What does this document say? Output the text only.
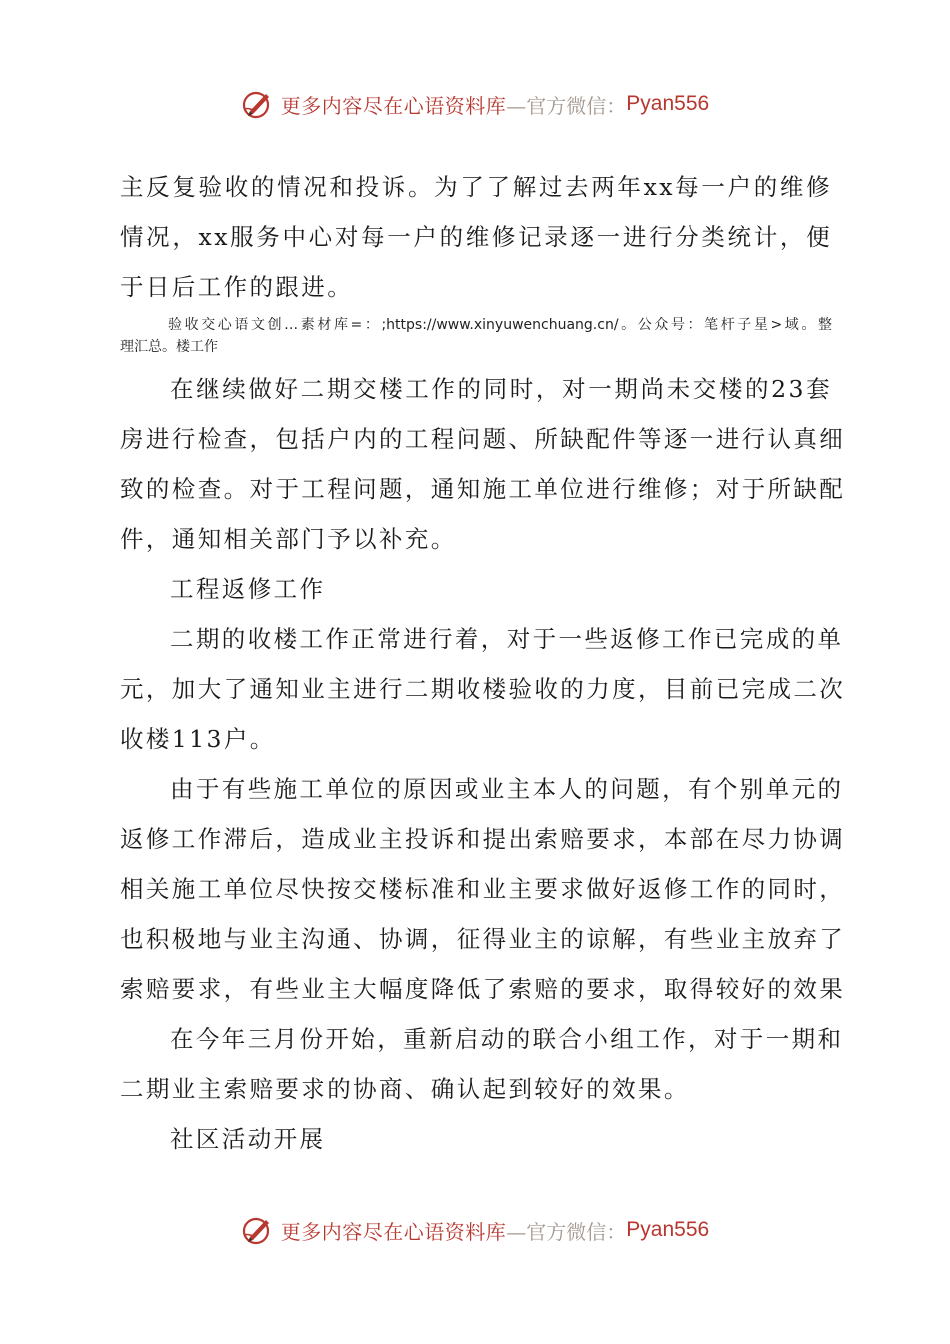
更多内容尽在心语资料库 —官方微信： Pyan556
主反复验收的情况和投诉。为了了解过去两年xx每一户的维修
情况，xx服务中心对每一户的维修记录逐一进行分类统计，便
于日后工作的跟进。
验收交心语文创…素材库=：;https://www.xinyuwenchuang.cn/。公众号：笔杆子星>域。整
理汇总。楼工作
在继续做好二期交楼工作的同时，对一期尚未交楼的23套
房进行检查，包括户内的工程问题、所缺配件等逐一进行认真细
致的检查。对于工程问题，通知施工单位进行维修；对于所缺配
件，通知相关部门予以补充。
工程返修工作
二期的收楼工作正常进行着，对于一些返修工作已完成的单
元，加大了通知业主进行二期收楼验收的力度，目前已完成二次
收楼113户。
由于有些施工单位的原因或业主本人的问题，有个别单元的
返修工作滞后，造成业主投诉和提出索赔要求，本部在尽力协调
相关施工单位尽快按交楼标准和业主要求做好返修工作的同时，
也积极地与业主沟通、协调，征得业主的谅解，有些业主放弃了
索赔要求，有些业主大幅度降低了索赔的要求，取得较好的效果
在今年三月份开始，重新启动的联合小组工作，对于一期和
二期业主索赔要求的协商、确认起到较好的效果。
社区活动开展
更多内容尽在心语资料库 —官方微信： Pyan556
